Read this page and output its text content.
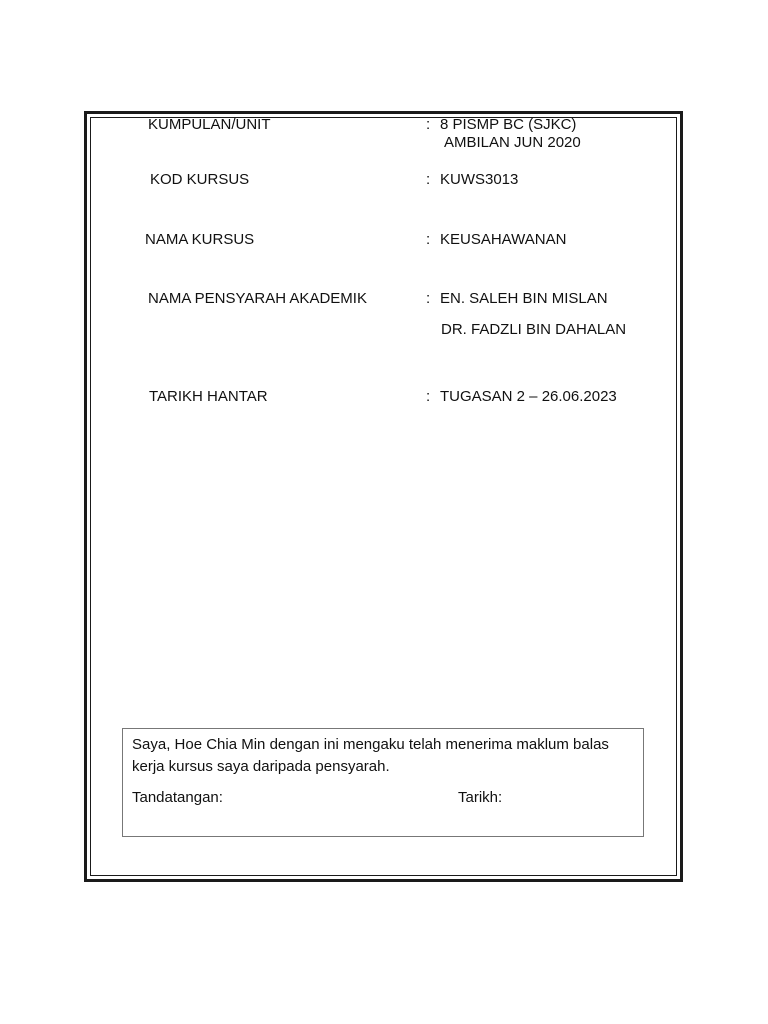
KUMPULAN/UNIT	: 8 PISMP BC (SJKC)
AMBILAN JUN 2020
KOD KURSUS	: KUWS3013
NAMA KURSUS	: KEUSAHAWANAN
NAMA PENSYARAH AKADEMIK	: EN. SALEH BIN MISLAN
DR. FADZLI BIN DAHALAN
TARIKH HANTAR	: TUGASAN 2 – 26.06.2023
Saya, Hoe Chia Min dengan ini mengaku telah menerima maklum balas kerja kursus saya daripada pensyarah.
Tandatangan:	Tarikh:
